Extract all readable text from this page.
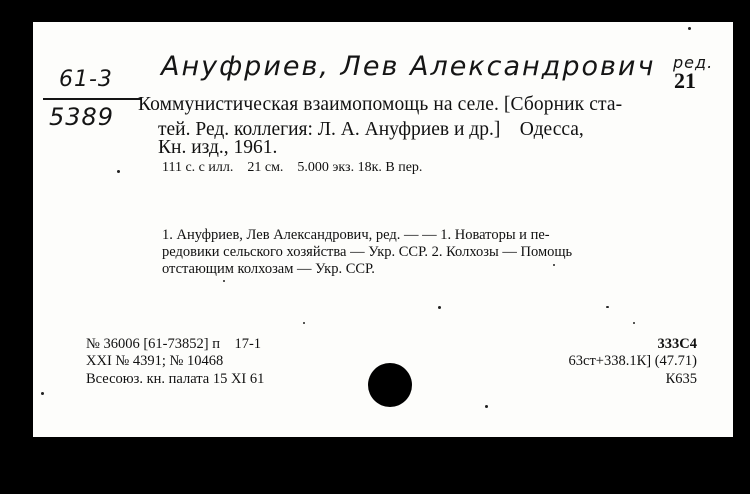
61-3
5389
Ануфриев, Лев Александрович ред.
21
Коммунистическая взаимопомощь на селе. [Сборник ста-
тей. Ред. коллегия: Л. А. Ануфриев и др.]    Одесса,
Кн. изд., 1961.
111 с. с илл.    21 см.    5.000 экз. 18к. В пер.
1. Ануфриев, Лев Александрович, ред. — — 1. Новаторы и пе-
редовики сельского хозяйства — Укр. ССР. 2. Колхозы — Помощь
отстающим колхозам — Укр. ССР.
№ 36006 [61-73852] п    17-1
XXI № 4391; № 10468
Всесоюз. кн. палата 15 XI 61
333С4
63ст+338.1К] (47.71)
К635
